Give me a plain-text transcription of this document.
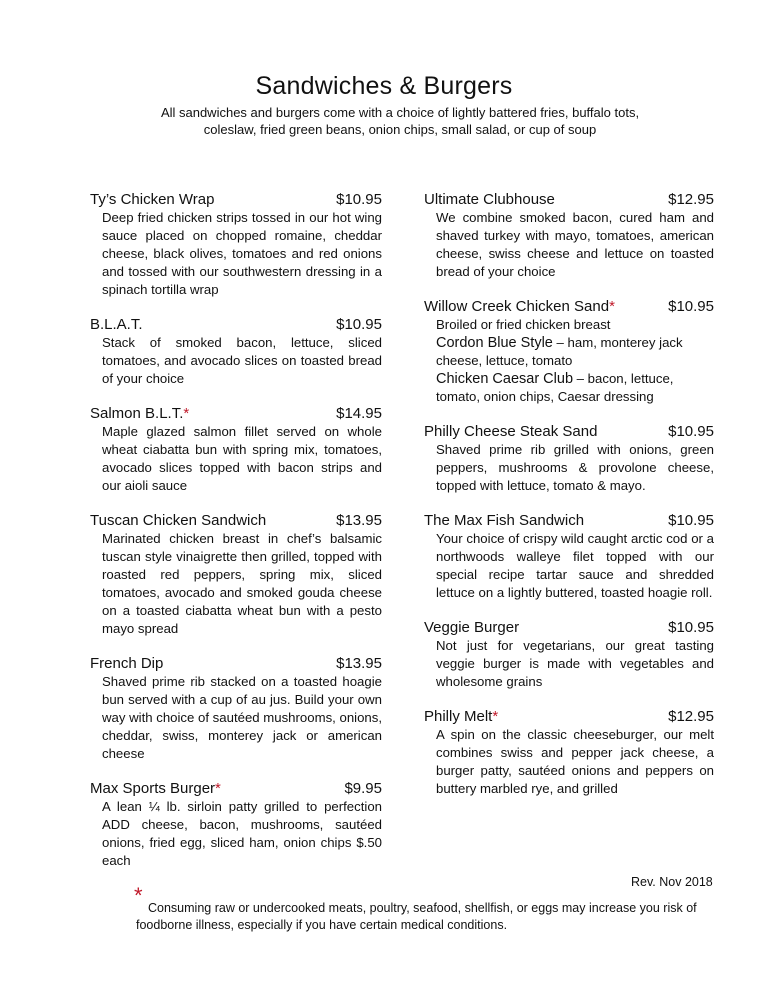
Sandwiches & Burgers
All sandwiches and burgers come with a choice of lightly battered fries, buffalo tots, coleslaw, fried green beans, onion chips, small salad, or cup of soup
Ty’s Chicken Wrap	$10.95
Deep fried chicken strips tossed in our hot wing sauce placed on chopped romaine, cheddar cheese, black olives, tomatoes and red onions and tossed with our southwestern dressing in a spinach tortilla wrap
B.L.A.T.	$10.95
Stack of smoked bacon, lettuce, sliced tomatoes, and avocado slices on toasted bread of your choice
Salmon B.L.T.*	$14.95
Maple glazed salmon fillet served on whole wheat ciabatta bun with spring mix, tomatoes, avocado slices topped with bacon strips and our aioli sauce
Tuscan Chicken Sandwich	$13.95
Marinated chicken breast in chef’s balsamic tuscan style vinaigrette then grilled, topped with roasted red peppers, spring mix, sliced tomatoes, avocado and smoked gouda cheese on a toasted ciabatta wheat bun with a pesto mayo spread
French Dip	$13.95
Shaved prime rib stacked on a toasted hoagie bun served with a cup of au jus. Build your own way with choice of sautéed mushrooms, onions, cheddar, swiss, monterey jack or american cheese
Max Sports Burger*	$9.95
A lean ¼ lb. sirloin patty grilled to perfection ADD cheese, bacon, mushrooms, sautéed onions, fried egg, sliced ham, onion chips $.50 each
Ultimate Clubhouse	$12.95
We combine smoked bacon, cured ham and shaved turkey with mayo, tomatoes, american cheese, swiss cheese and lettuce on toasted bread of your choice
Willow Creek Chicken Sand*	$10.95
Broiled or fried chicken breast
Cordon Blue Style – ham, monterey jack
cheese, lettuce, tomato
Chicken Caesar Club – bacon, lettuce,
tomato, onion chips, Caesar dressing
Philly Cheese Steak Sand	$10.95
Shaved prime rib grilled with onions, green peppers, mushrooms & provolone cheese, topped with lettuce, tomato & mayo.
The Max Fish Sandwich	$10.95
Your choice of crispy wild caught arctic cod or a northwoods walleye filet topped with our special recipe tartar sauce and shredded lettuce on a lightly buttered, toasted hoagie roll.
Veggie Burger	$10.95
Not just for vegetarians, our great tasting veggie burger is made with vegetables and wholesome grains
Philly Melt*	$12.95
A spin on the classic cheeseburger, our melt combines swiss and pepper jack cheese, a burger patty, sautéed onions and peppers on buttery marbled rye, and grilled
Rev. Nov 2018
* Consuming raw or undercooked meats, poultry, seafood, shellfish, or eggs may increase you risk of foodborne illness, especially if you have certain medical conditions.
